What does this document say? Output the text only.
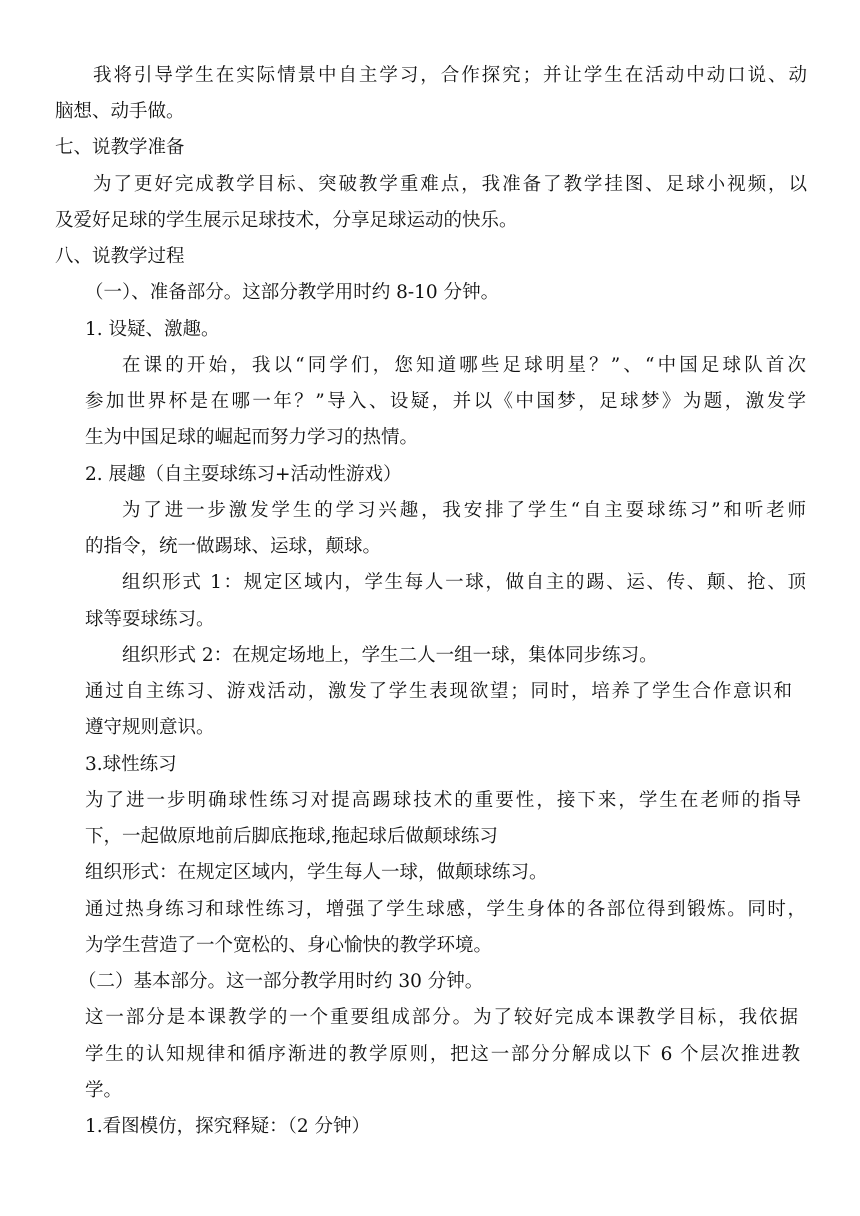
我将引导学生在实际情景中自主学习，合作探究；并让学生在活动中动口说、动

脑想、动手做。

七、说教学准备

为了更好完成教学目标、突破教学重难点，我准备了教学挂图、足球小视频，以

及爱好足球的学生展示足球技术，分享足球运动的快乐。

八、说教学过程

（一）、准备部分。这部分教学用时约 8-10 分钟。

1. 设疑、激趣。

在课的开始，我以“同学们，您知道哪些足球明星？”、“中国足球队首次

参加世界杯是在哪一年？”导入、设疑，并以《中国梦，足球梦》为题，激发学

生为中国足球的崛起而努力学习的热情。

2. 展趣（自主耍球练习+活动性游戏）

为了进一步激发学生的学习兴趣，我安排了学生“自主耍球练习”和听老师

的指令，统一做踢球、运球，颠球。

组织形式 1：规定区域内，学生每人一球，做自主的踢、运、传、颠、抢、顶

球等耍球练习。

组织形式 2：在规定场地上，学生二人一组一球，集体同步练习。

通过自主练习、游戏活动，激发了学生表现欲望；同时，培养了学生合作意识和

遵守规则意识。

3.球性练习

为了进一步明确球性练习对提高踢球技术的重要性，接下来，学生在老师的指导

下，一起做原地前后脚底拖球,拖起球后做颠球练习

组织形式：在规定区域内，学生每人一球，做颠球练习。

通过热身练习和球性练习，增强了学生球感，学生身体的各部位得到锻炼。同时，

为学生营造了一个宽松的、身心愉快的教学环境。

（二）基本部分。这一部分教学用时约 30 分钟。

这一部分是本课教学的一个重要组成部分。为了较好完成本课教学目标，我依据

学生的认知规律和循序渐进的教学原则，把这一部分分解成以下 6 个层次推进教

学。

1.看图模仿，探究释疑：（2 分钟）
